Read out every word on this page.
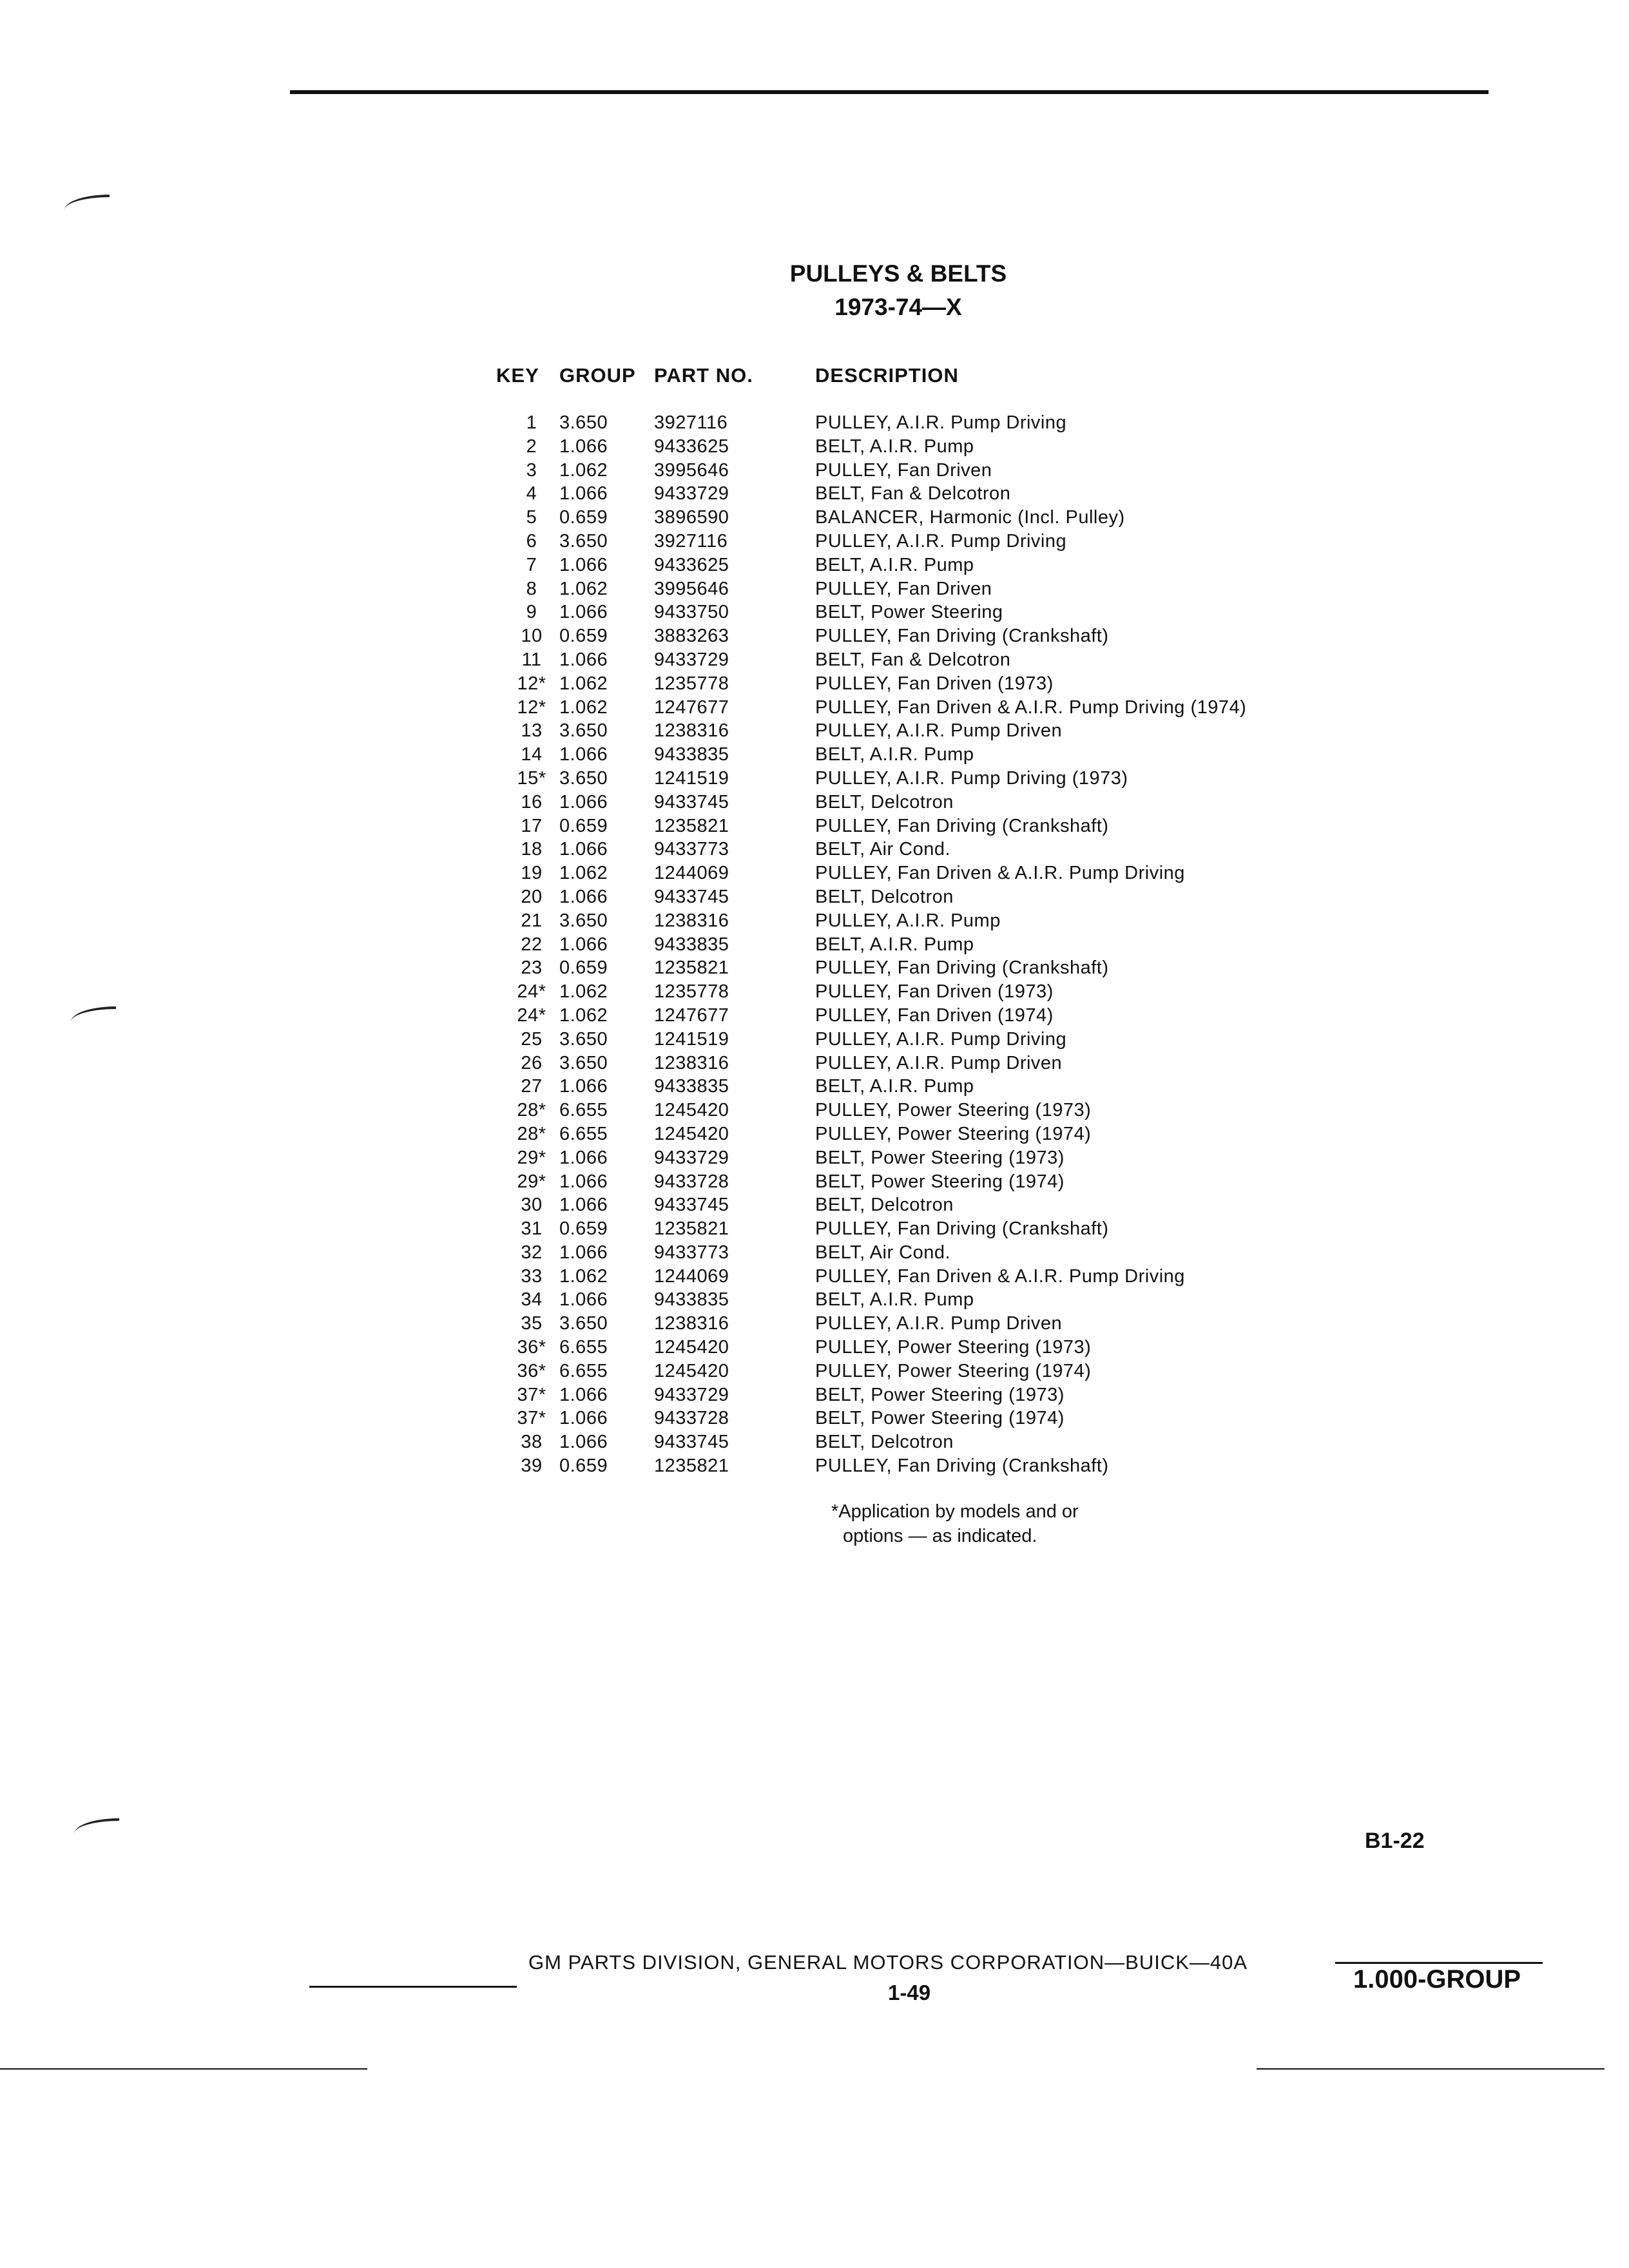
PULLEYS & BELTS
1973-74—X
KEY GROUP PART NO.	DESCRIPTION
1	3.650 3927116	PULLEY, A.I.R. Pump Driving
2	1.066 9433625	BELT, A.I.R. Pump
3	1.062 3995646	PULLEY, Fan Driven
4	1.066 9433729	BELT, Fan & Delcotron
5	0.659 3896590	BALANCER, Harmonic (Incl. Pulley)
6	3.650 3927116	PULLEY, A.I.R. Pump Driving
7	1.066 9433625	BELT, A.I.R. Pump
8	1.062 3995646	PULLEY, Fan Driven
9	1.066 9433750	BELT, Power Steering
10 0.659 3883263	PULLEY, Fan Driving (Crankshaft)
11 1.066 9433729	BELT, Fan & Delcotron
12* 1.062 1235778	PULLEY, Fan Driven (1973)
12* 1.062 1247677	PULLEY, Fan Driven & A.I.R. Pump Driving (1974)
13 3.650 1238316	PULLEY, A.I.R. Pump Driven
14 1.066 9433835	BELT, A.I.R. Pump
15* 3.650 1241519	PULLEY, A.I.R. Pump Driving (1973)
16 1.066 9433745	BELT, Delcotron
17 0.659 1235821	PULLEY, Fan Driving (Crankshaft)
18 1.066 9433773	BELT, Air Cond.
19 1.062 1244069	PULLEY, Fan Driven & A.I.R. Pump Driving
20 1.066 9433745	BELT, Delcotron
21 3.650 1238316	PULLEY, A.I.R. Pump
22 1.066 9433835	BELT, A.I.R. Pump
23 0.659 1235821	PULLEY, Fan Driving (Crankshaft)
24* 1.062 1235778	PULLEY, Fan Driven (1973)
24* 1.062 1247677	PULLEY, Fan Driven (1974)
25 3.650 1241519	PULLEY, A.I.R. Pump Driving
26 3.650 1238316	PULLEY, A.I.R. Pump Driven
27 1.066 9433835	BELT, A.I.R. Pump
28* 6.655 1245420	PULLEY, Power Steering (1973)
28* 6.655 1245420	PULLEY, Power Steering (1974)
29* 1.066 9433729	BELT, Power Steering (1973)
29* 1.066 9433728	BELT, Power Steering (1974)
30 1.066 9433745	BELT, Delcotron
31 0.659 1235821	PULLEY, Fan Driving (Crankshaft)
32 1.066 9433773	BELT, Air Cond.
33 1.062 1244069	PULLEY, Fan Driven & A.I.R. Pump Driving
34 1.066 9433835	BELT, A.I.R. Pump
35 3.650 1238316	PULLEY, A.I.R. Pump Driven
36* 6.655 1245420	PULLEY, Power Steering (1973)
36* 6.655 1245420	PULLEY, Power Steering (1974)
37* 1.066 9433729	BELT, Power Steering (1973)
37* 1.066 9433728	BELT, Power Steering (1974)
38 1.066 9433745	BELT, Delcotron
39 0.659 1235821	PULLEY, Fan Driving (Crankshaft)
*Application by models and or
options — as indicated.
B1-22
GM PARTS DIVISION, GENERAL MOTORS CORPORATION—BUICK—40A
1-49	1.000-GROUP
